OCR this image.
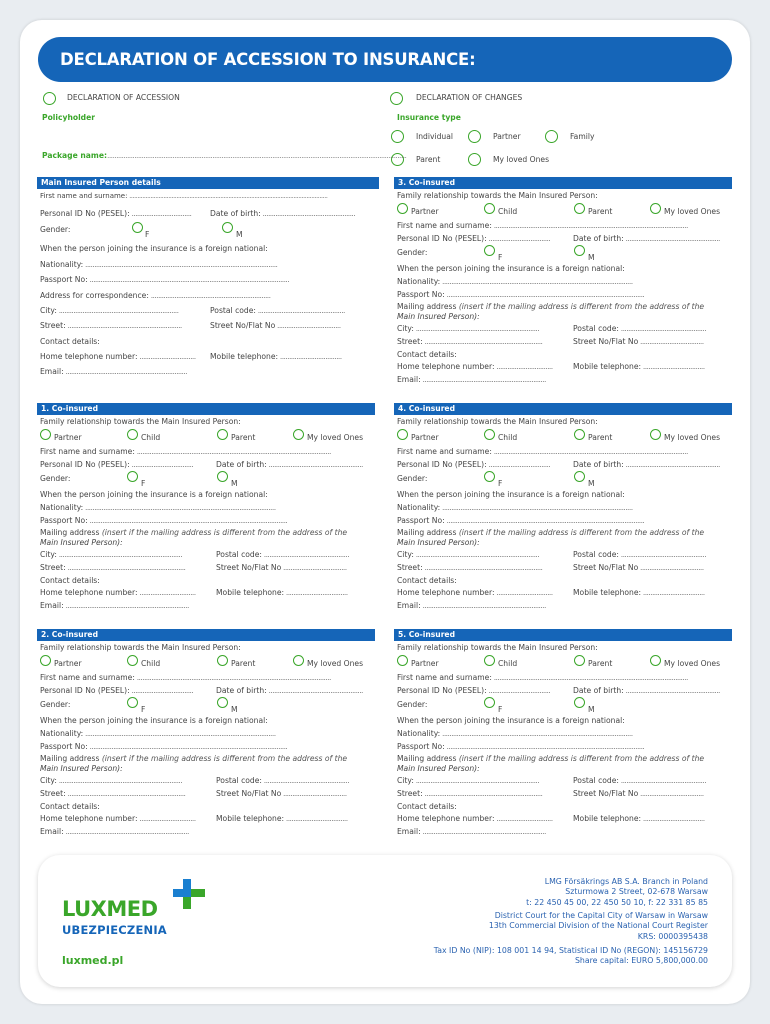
DECLARATION OF ACCESSION TO INSURANCE:
DECLARATION OF ACCESSION	DECLARATION OF CHANGES
Policyholder	Insurance type
Individual	Partner	Family
Parent	My loved Ones
Package name:.....................................................................................................................................................................
Main Insured Person details
First name and surname: ..........................................................................................................................
Personal ID No (PESEL): ................................. Date of birth: ...................................................
Gender:
F	M
When the person joining the insurance is a foreign national:
Nationality: ..........................................................................................................
Passport No: ..............................................................................................................
Address for correspondence: ..................................................................
City: ..................................................................	Postal code: ................................................
Street: ...............................................................	Street No/Flat No ...................................
Contact details:
Home telephone number: ............................... Mobile telephone: ..................................
Email: ...................................................................
1. Co-insured
Family relationship towards the Main Insured Person:
Partner	Child	Parent	My loved Ones
First name and surname: ...........................................................................................................
Personal ID No (PESEL): ..................................	Date of birth: ....................................................
Gender:
F	M
When the person joining the insurance is a foreign national:
Nationality: .........................................................................................................
Passport No: .............................................................................................................
Mailing address (insert if the mailing address is different from the address of the
Main Insured Person):
City: ....................................................................	Postal code: ...............................................
Street: .................................................................	Street No/Flat No ...................................
Contact details:
Home telephone number: ...............................	Mobile telephone: ..................................
Email: ....................................................................
2. Co-insured
Family relationship towards the Main Insured Person:
Partner	Child	Parent	My loved Ones
First name and surname: ...........................................................................................................
Personal ID No (PESEL): ..................................	Date of birth: ....................................................
Gender:
F	M
When the person joining the insurance is a foreign national:
Nationality: .........................................................................................................
Passport No: .............................................................................................................
Mailing address (insert if the mailing address is different from the address of the
Main Insured Person):
City: ....................................................................	Postal code: ...............................................
Street: .................................................................	Street No/Flat No ...................................
Contact details:
Home telephone number: ...............................	Mobile telephone: ..................................
Email: ....................................................................
3. Co-insured
Family relationship towards the Main Insured Person:
Partner	Child	Parent	My loved Ones
First name and surname: ...........................................................................................................
Personal ID No (PESEL): ..................................	Date of birth: ....................................................
Gender:
F	M
When the person joining the insurance is a foreign national:
Nationality: .........................................................................................................
Passport No: .............................................................................................................
Mailing address (insert if the mailing address is different from the address of the
Main Insured Person):
City: ....................................................................	Postal code: ...............................................
Street: .................................................................	Street No/Flat No ...................................
Contact details:
Home telephone number: ...............................	Mobile telephone: ..................................
Email: ....................................................................
4. Co-insured
Family relationship towards the Main Insured Person:
Partner	Child	Parent	My loved Ones
First name and surname: ...........................................................................................................
Personal ID No (PESEL): ..................................	Date of birth: ....................................................
Gender:
F	M
When the person joining the insurance is a foreign national:
Nationality: .........................................................................................................
Passport No: .............................................................................................................
Mailing address (insert if the mailing address is different from the address of the
Main Insured Person):
City: ....................................................................	Postal code: ...............................................
Street: .................................................................	Street No/Flat No ...................................
Contact details:
Home telephone number: ...............................	Mobile telephone: ..................................
Email: ....................................................................
5. Co-insured
Family relationship towards the Main Insured Person:
Partner	Child	Parent	My loved Ones
First name and surname: ...........................................................................................................
Personal ID No (PESEL): ..................................	Date of birth: ....................................................
Gender:
F	M
When the person joining the insurance is a foreign national:
Nationality: .........................................................................................................
Passport No: .............................................................................................................
Mailing address (insert if the mailing address is different from the address of the
Main Insured Person):
City: ....................................................................	Postal code: ...............................................
Street: .................................................................	Street No/Flat No ...................................
Contact details:
Home telephone number: ...............................	Mobile telephone: ..................................
Email: ....................................................................
LUXMED
UBEZPIECZENIA
luxmed.pl
LMG Försäkrings AB S.A. Branch in Poland
Szturmowa 2 Street, 02-678 Warsaw
t: 22 450 45 00, 22 450 50 10, f: 22 331 85 85
District Court for the Capital City of Warsaw in Warsaw
13th Commercial Division of the National Court Register
KRS: 0000395438
Tax ID No (NIP): 108 001 14 94, Statistical ID No (REGON): 145156729
Share capital: EURO 5,800,000.00
